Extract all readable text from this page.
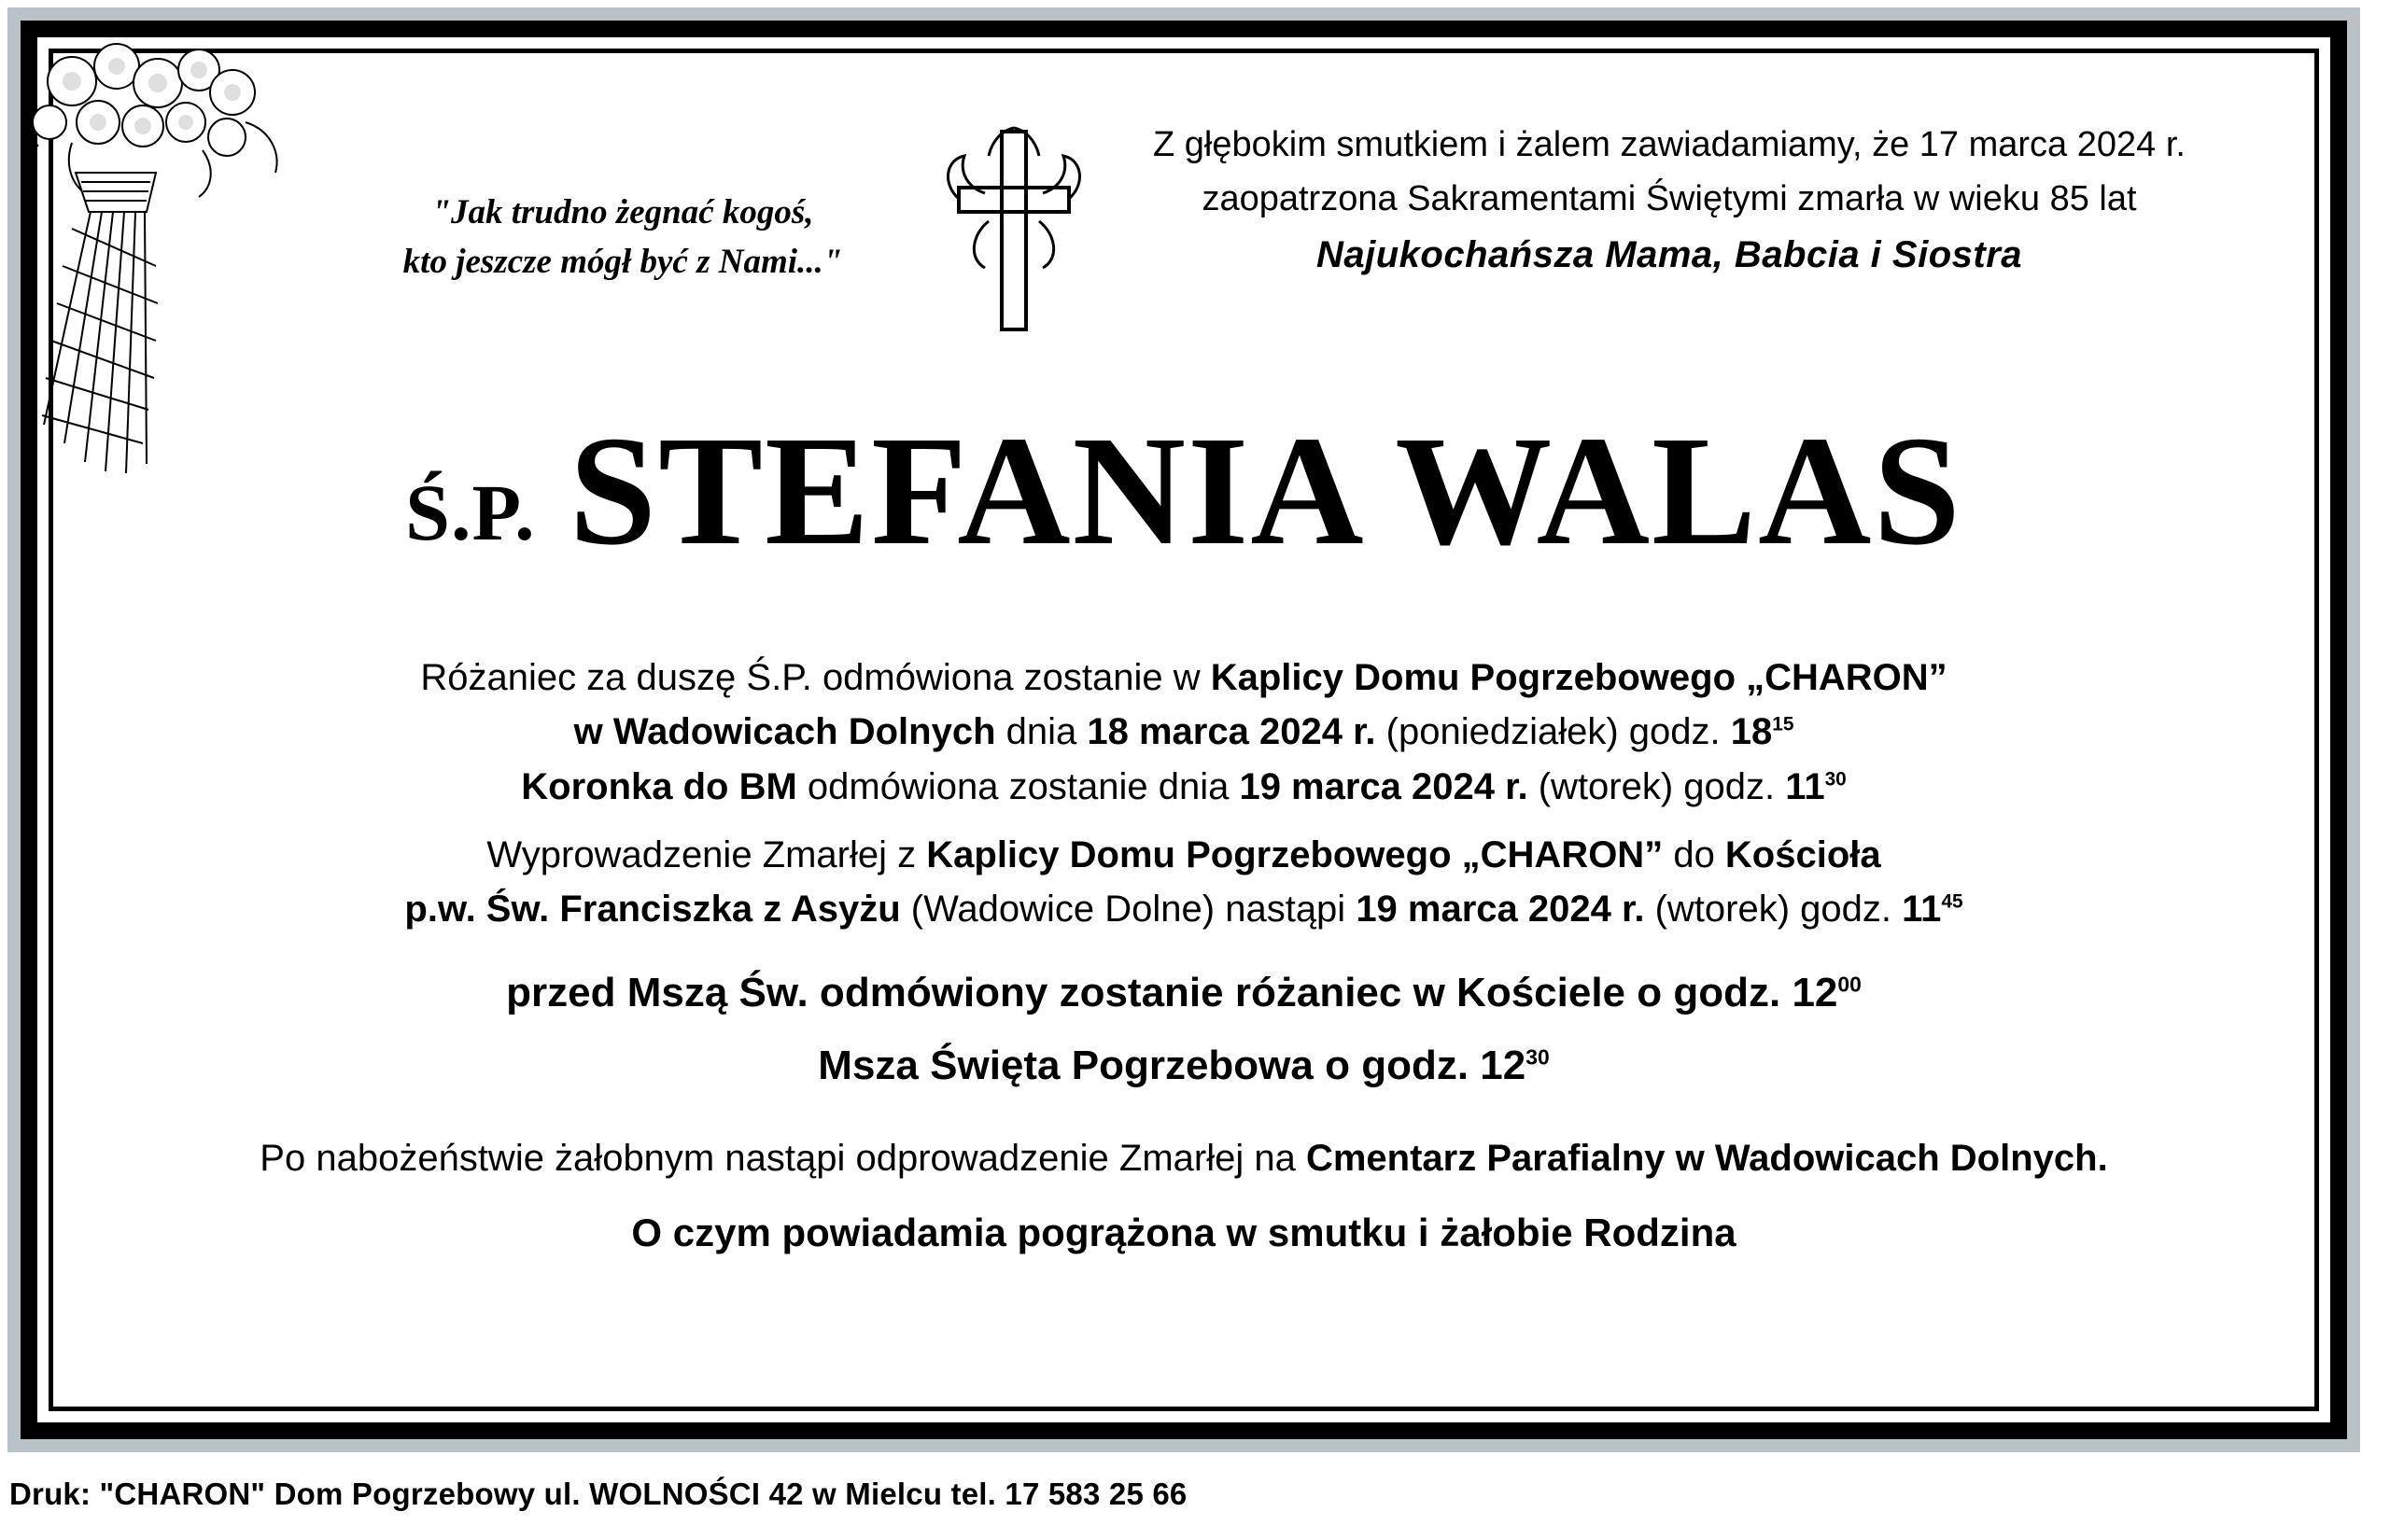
"Jak trudno żegnać kogoś,
kto jeszcze mógł być z Nami..."
Z głębokim smutkiem i żalem zawiadamiamy, że 17 marca 2024 r.
zaopatrzona Sakramentami Świętymi zmarła w wieku 85 lat
Najukochańsza Mama, Babcia i Siostra
Ś.P. STEFANIA WALAS
Różaniec za duszę Ś.P. odmówiona zostanie w Kaplicy Domu Pogrzebowego „CHARON”
w Wadowicach Dolnych dnia 18 marca 2024 r. (poniedziałek) godz. $18^{15}$
Koronka do BM odmówiona zostanie dnia 19 marca 2024 r. (wtorek) godz. $11^{30}$
Wyprowadzenie Zmarłej z Kaplicy Domu Pogrzebowego „CHARON” do Kościoła
p.w. Św. Franciszka z Asyżu (Wadowice Dolne) nastąpi 19 marca 2024 r. (wtorek) godz. $11^{45}$
przed Mszą Św. odmówiony zostanie różaniec w Kościele o godz. $12^{00}$
Msza Święta Pogrzebowa o godz. $12^{30}$
Po nabożeństwie żałobnym nastąpi odprowadzenie Zmarłej na Cmentarz Parafialny w Wadowicach Dolnych.
O czym powiadamia pogrążona w smutku i żałobie Rodzina
Druk: "CHARON" Dom Pogrzebowy ul. WOLNOŚCI 42 w Mielcu tel. 17 583 25 66
